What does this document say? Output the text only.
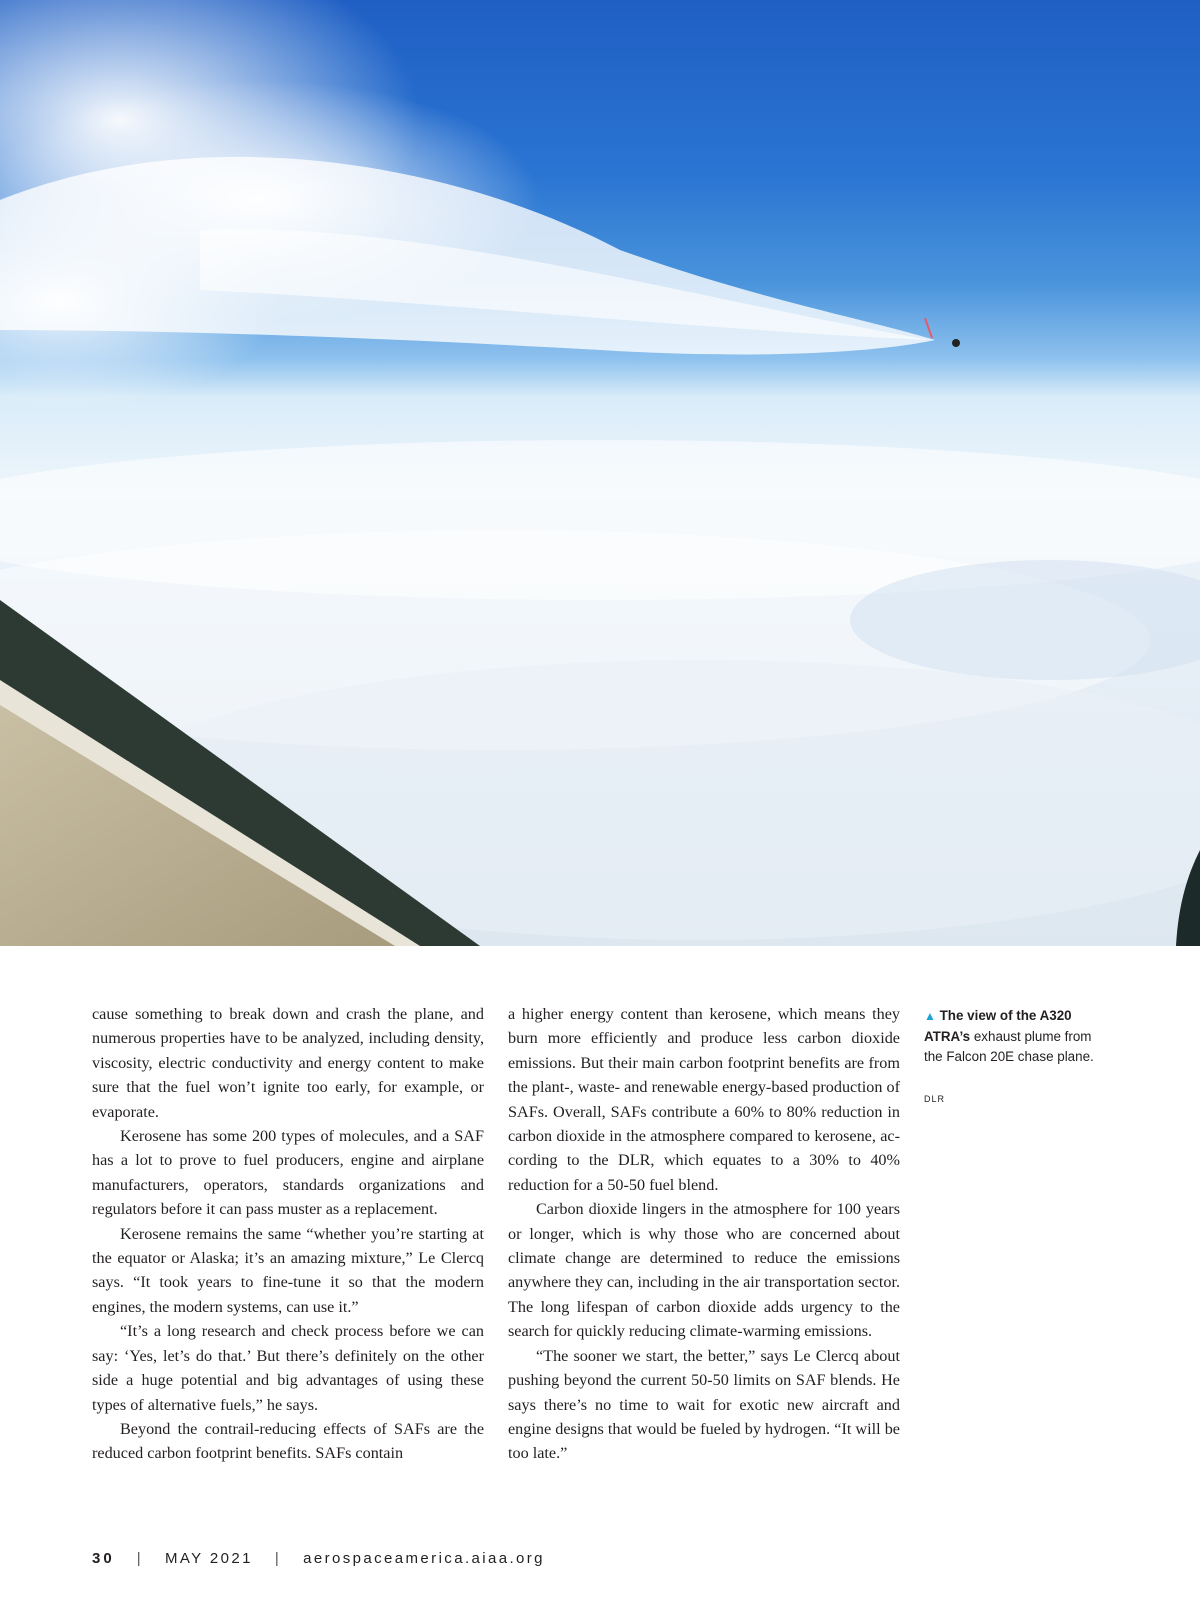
cause something to break down and crash the plane, and numerous properties have to be analyzed, including density, viscosity, electric conductivity and energy content to make sure that the fuel won’t ignite too early, for example, or evaporate.

Kerosene has some 200 types of molecules, and a SAF has a lot to prove to fuel producers, engine and airplane manufacturers, operators, standards organizations and regulators before it can pass muster as a replacement.

Kerosene remains the same “whether you’re starting at the equator or Alaska; it’s an amazing mixture,” Le Clercq says. “It took years to fine-tune it so that the modern engines, the modern systems, can use it.”

“It’s a long research and check process before we can say: ‘Yes, let’s do that.’ But there’s definitely on the other side a huge potential and big advantages of using these types of alternative fuels,” he says.

Beyond the contrail-reducing effects of SAFs are the reduced carbon footprint benefits. SAFs contain

a higher energy content than kerosene, which means they burn more efficiently and produce less carbon dioxide emissions. But their main carbon footprint benefits are from the plant-, waste- and renewable energy-based production of SAFs. Overall, SAFs contribute a 60% to 80% reduction in carbon dioxide in the atmosphere compared to kerosene, according to the DLR, which equates to a 30% to 40% reduction for a 50-50 fuel blend.

Carbon dioxide lingers in the atmosphere for 100 years or longer, which is why those who are concerned about climate change are determined to reduce the emissions anywhere they can, including in the air transportation sector. The long lifespan of carbon dioxide adds urgency to the search for quickly reducing climate-warming emissions.

“The sooner we start, the better,” says Le Clercq about pushing beyond the current 50-50 limits on SAF blends. He says there’s no time to wait for exotic new aircraft and engine designs that would be fueled by hydrogen. “It will be too late.”

▲ The view of the A320 ATRA’s exhaust plume from the Falcon 20E chase plane.
DLR
30 | MAY 2021 | aerospaceamerica.aiaa.org
